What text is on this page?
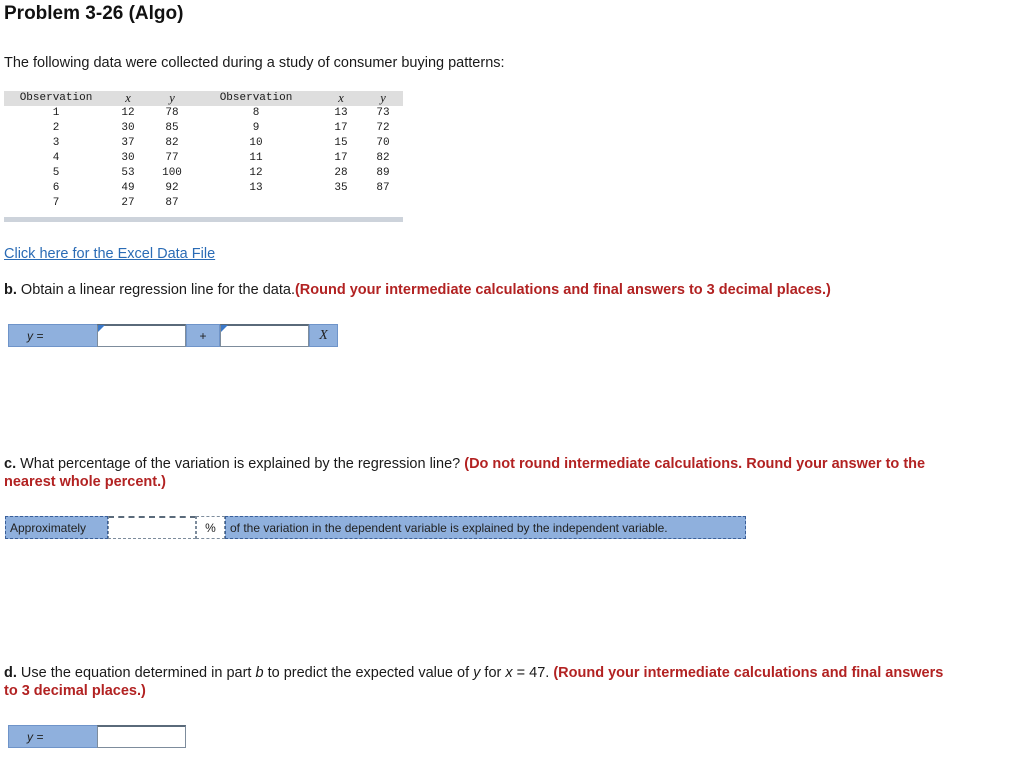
Problem 3-26 (Algo)
The following data were collected during a study of consumer buying patterns:
Observation	x	y	Observation	x	y
1	12	78	8	13	73
2	30	85	9	17	72
3	37	82	10	15	70
4	30	77	11	17	82
5	53	100	12	28	89
6	49	92	13	35	87
7	27	87
Click here for the Excel Data File
b. Obtain a linear regression line for the data.(Round your intermediate calculations and final answers to 3 decimal places.)
y =	+	X
c. What percentage of the variation is explained by the regression line? (Do not round intermediate calculations. Round your answer to the nearest whole percent.)
Approximately	%	of the variation in the dependent variable is explained by the independent variable.
d. Use the equation determined in part b to predict the expected value of y for x = 47. (Round your intermediate calculations and final answers to 3 decimal places.)
y =
